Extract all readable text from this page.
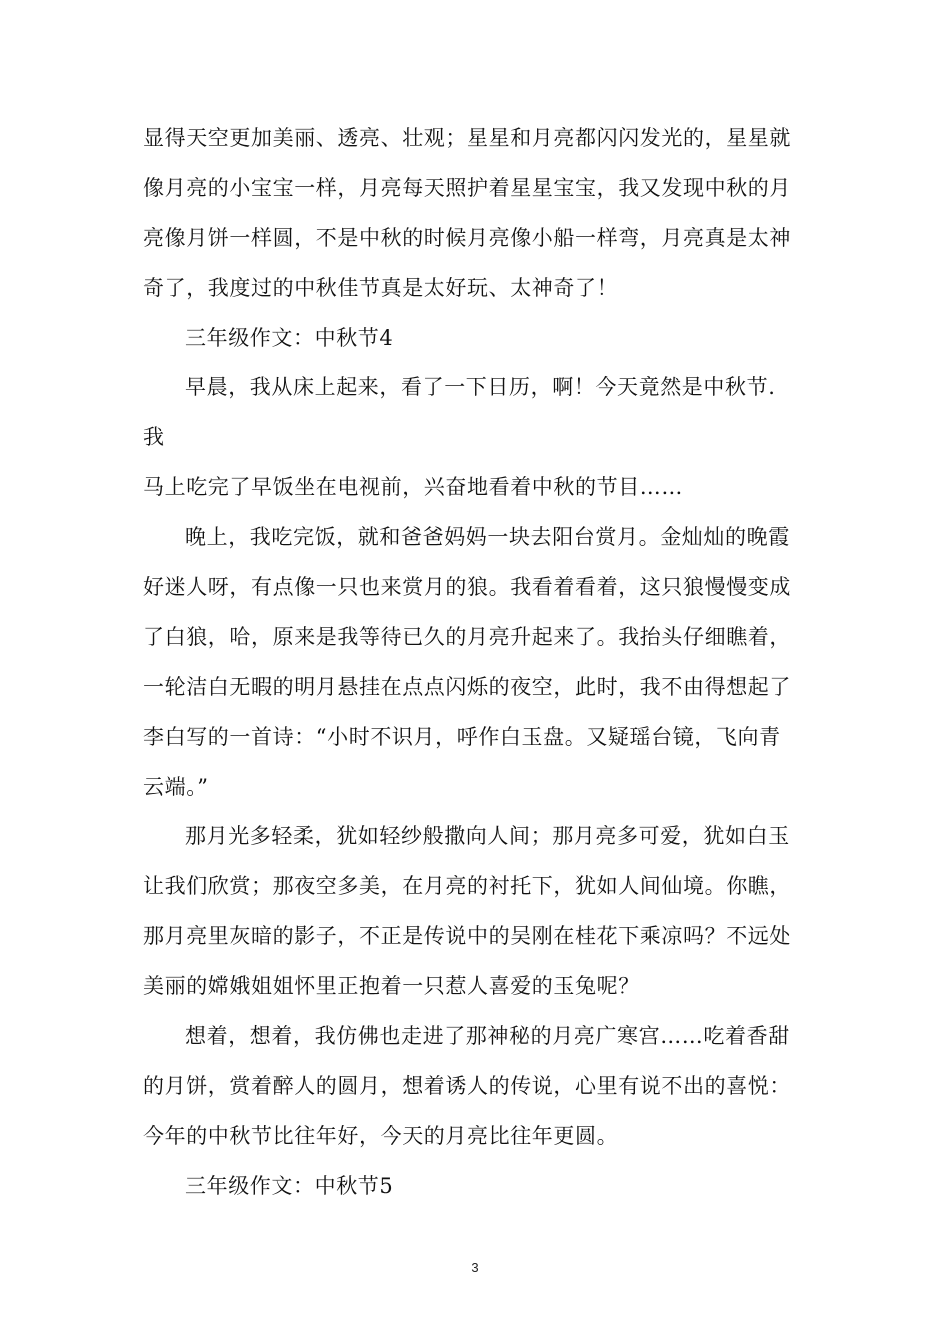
显得天空更加美丽、透亮、壮观；星星和月亮都闪闪发光的，星星就
像月亮的小宝宝一样，月亮每天照护着星星宝宝，我又发现中秋的月
亮像月饼一样圆，不是中秋的时候月亮像小船一样弯，月亮真是太神
奇了，我度过的中秋佳节真是太好玩、太神奇了！
三年级作文：中秋节4
早晨，我从床上起来，看了一下日历，啊！今天竟然是中秋节.
我
马上吃完了早饭坐在电视前，兴奋地看着中秋的节目……
晚上，我吃完饭，就和爸爸妈妈一块去阳台赏月。金灿灿的晚霞
好迷人呀，有点像一只也来赏月的狼。我看着看着，这只狼慢慢变成
了白狼，哈，原来是我等待已久的月亮升起来了。我抬头仔细瞧着，
一轮洁白无暇的明月悬挂在点点闪烁的夜空，此时，我不由得想起了
李白写的一首诗：“小时不识月，呼作白玉盘。又疑瑶台镜，飞向青
云端。”
那月光多轻柔，犹如轻纱般撒向人间；那月亮多可爱，犹如白玉
让我们欣赏；那夜空多美，在月亮的衬托下，犹如人间仙境。你瞧，
那月亮里灰暗的影子，不正是传说中的吴刚在桂花下乘凉吗？不远处
美丽的嫦娥姐姐怀里正抱着一只惹人喜爱的玉兔呢？
想着，想着，我仿佛也走进了那神秘的月亮广寒宫……吃着香甜
的月饼，赏着醉人的圆月，想着诱人的传说，心里有说不出的喜悦：
今年的中秋节比往年好，今天的月亮比往年更圆。
三年级作文：中秋节5
3
